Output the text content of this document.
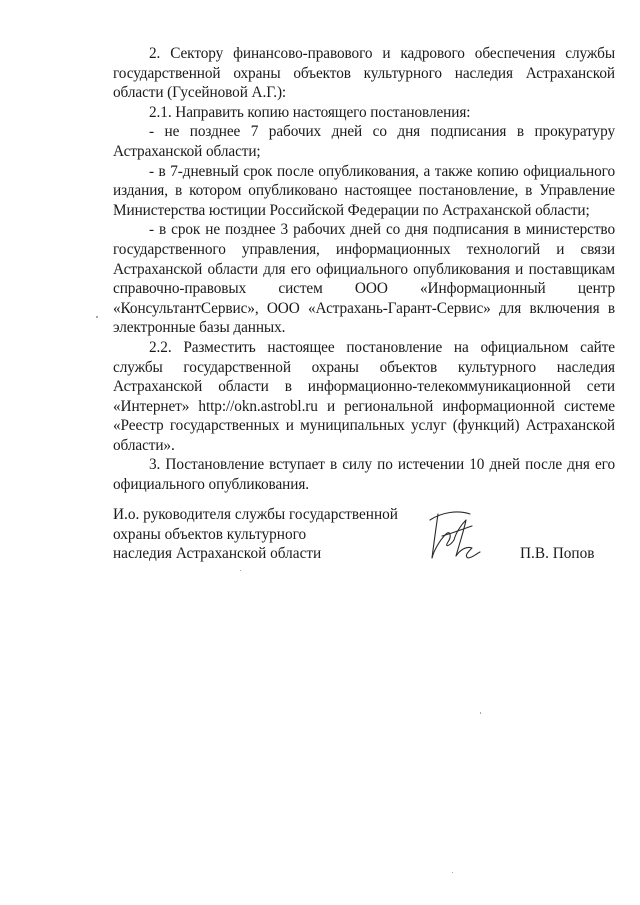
2. Сектору финансово-правового и кадрового обеспечения службы государственной охраны объектов культурного наследия Астраханской области (Гусейновой А.Г.):

2.1. Направить копию настоящего постановления:

- не позднее 7 рабочих дней со дня подписания в прокуратуру Астраханской области;

- в 7-дневный срок после опубликования, а также копию официального издания, в котором опубликовано настоящее постановление, в Управление Министерства юстиции Российской Федерации по Астраханской области;

- в срок не позднее 3 рабочих дней со дня подписания в министерство государственного управления, информационных технологий и связи Астраханской области для его официального опубликования и поставщикам справочно-правовых систем ООО «Информационный центр «КонсультантСервис», ООО «Астрахань-Гарант-Сервис» для включения в электронные базы данных.

2.2. Разместить настоящее постановление на официальном сайте службы государственной охраны объектов культурного наследия Астраханской области в информационно-телекоммуникационной сети «Интернет» http://okn.astrobl.ru и региональной информационной системе «Реестр государственных и муниципальных услуг (функций) Астраханской области».

3. Постановление вступает в силу по истечении 10 дней после дня его официального опубликования.

И.о. руководителя службы государственной
охраны объектов культурного
наследия Астраханской области	П.В. Попов
